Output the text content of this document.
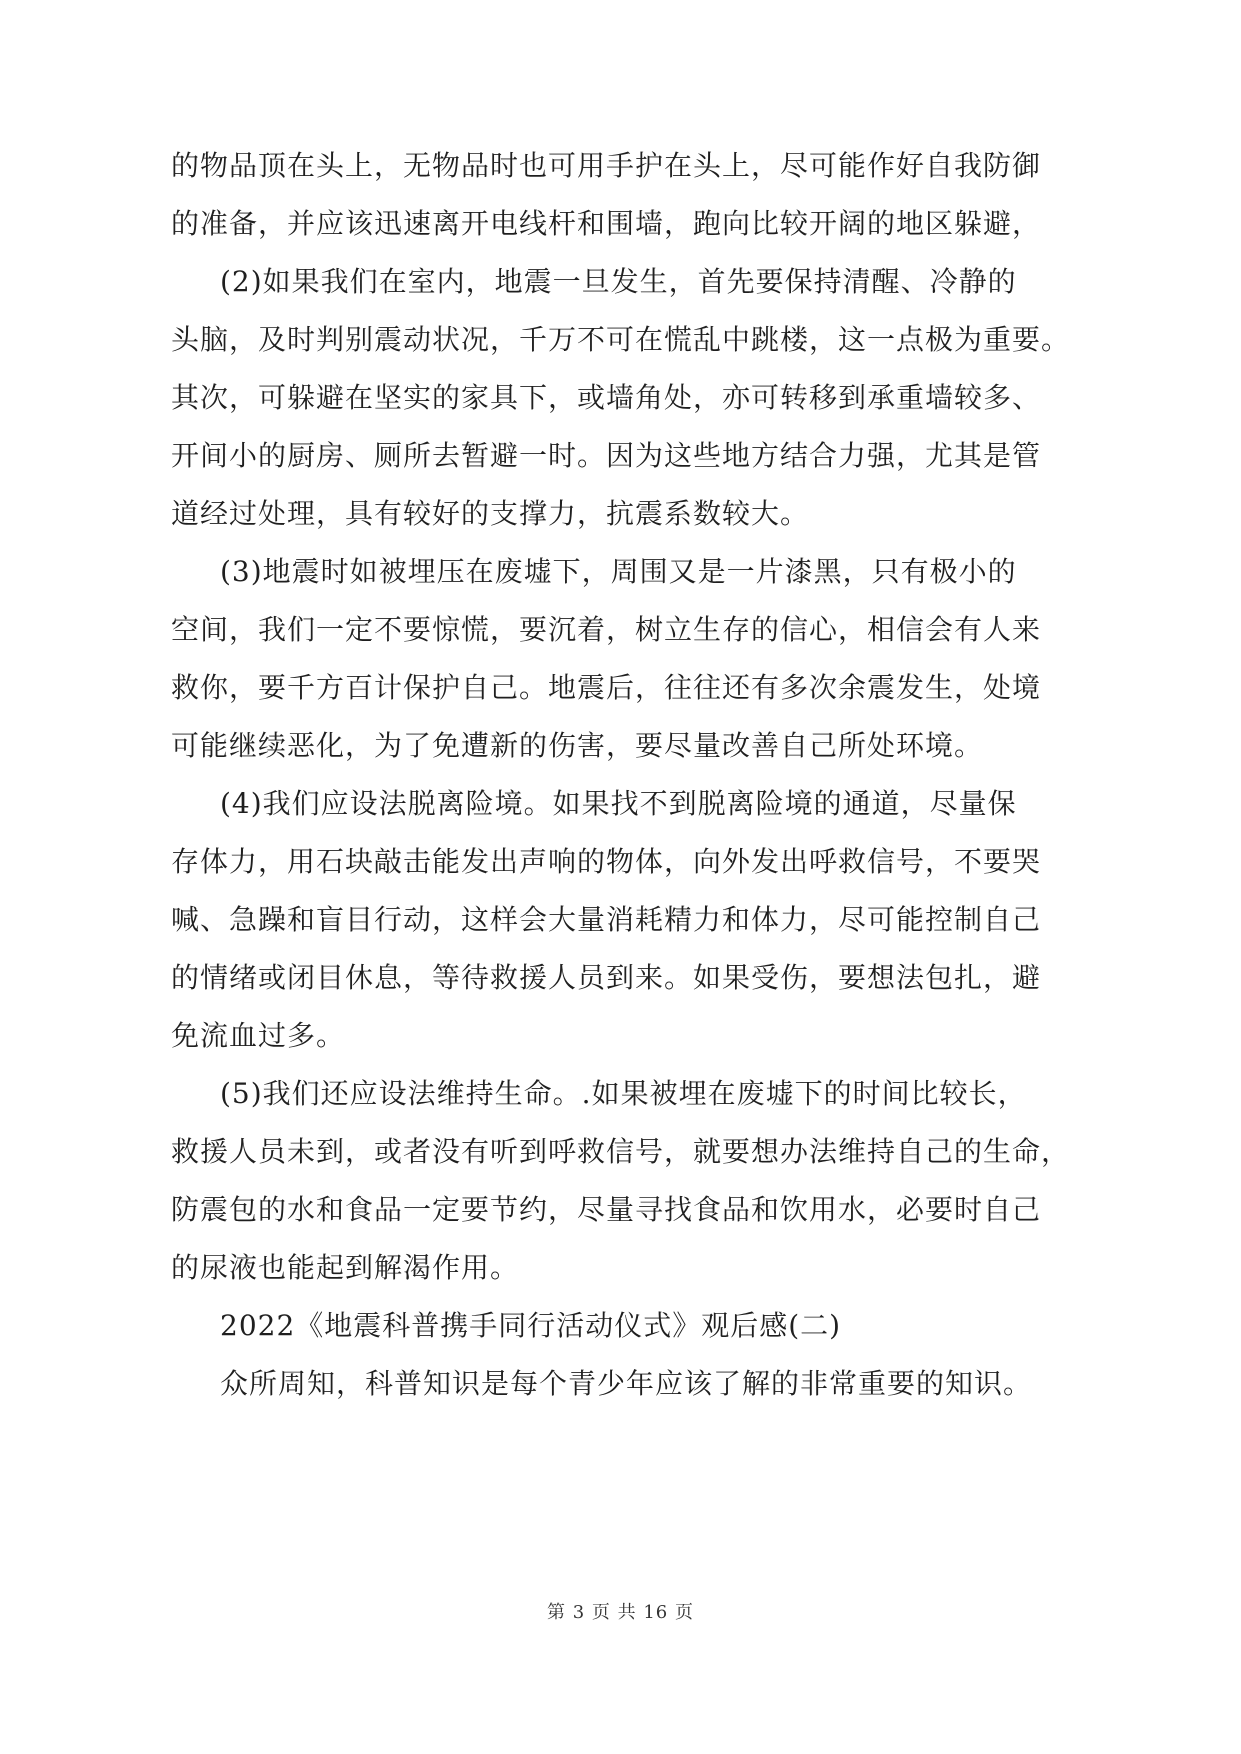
的物品顶在头上，无物品时也可用手护在头上，尽可能作好自我防御
的准备，并应该迅速离开电线杆和围墙，跑向比较开阔的地区躲避，
(2)如果我们在室内，地震一旦发生，首先要保持清醒、冷静的
头脑，及时判别震动状况，千万不可在慌乱中跳楼，这一点极为重要。
其次，可躲避在坚实的家具下，或墙角处，亦可转移到承重墙较多、
开间小的厨房、厕所去暂避一时。因为这些地方结合力强，尤其是管
道经过处理，具有较好的支撑力，抗震系数较大。
(3)地震时如被埋压在废墟下，周围又是一片漆黑，只有极小的
空间，我们一定不要惊慌，要沉着，树立生存的信心，相信会有人来
救你，要千方百计保护自己。地震后，往往还有多次余震发生，处境
可能继续恶化，为了免遭新的伤害，要尽量改善自己所处环境。
(4)我们应设法脱离险境。如果找不到脱离险境的通道，尽量保
存体力，用石块敲击能发出声响的物体，向外发出呼救信号，不要哭
喊、急躁和盲目行动，这样会大量消耗精力和体力，尽可能控制自己
的情绪或闭目休息，等待救援人员到来。如果受伤，要想法包扎，避
免流血过多。
(5)我们还应设法维持生命。.如果被埋在废墟下的时间比较长，
救援人员未到，或者没有听到呼救信号，就要想办法维持自己的生命，
防震包的水和食品一定要节约，尽量寻找食品和饮用水，必要时自己
的尿液也能起到解渴作用。
2022《地震科普携手同行活动仪式》观后感(二)
众所周知，科普知识是每个青少年应该了解的非常重要的知识。
第 3 页 共 16 页
